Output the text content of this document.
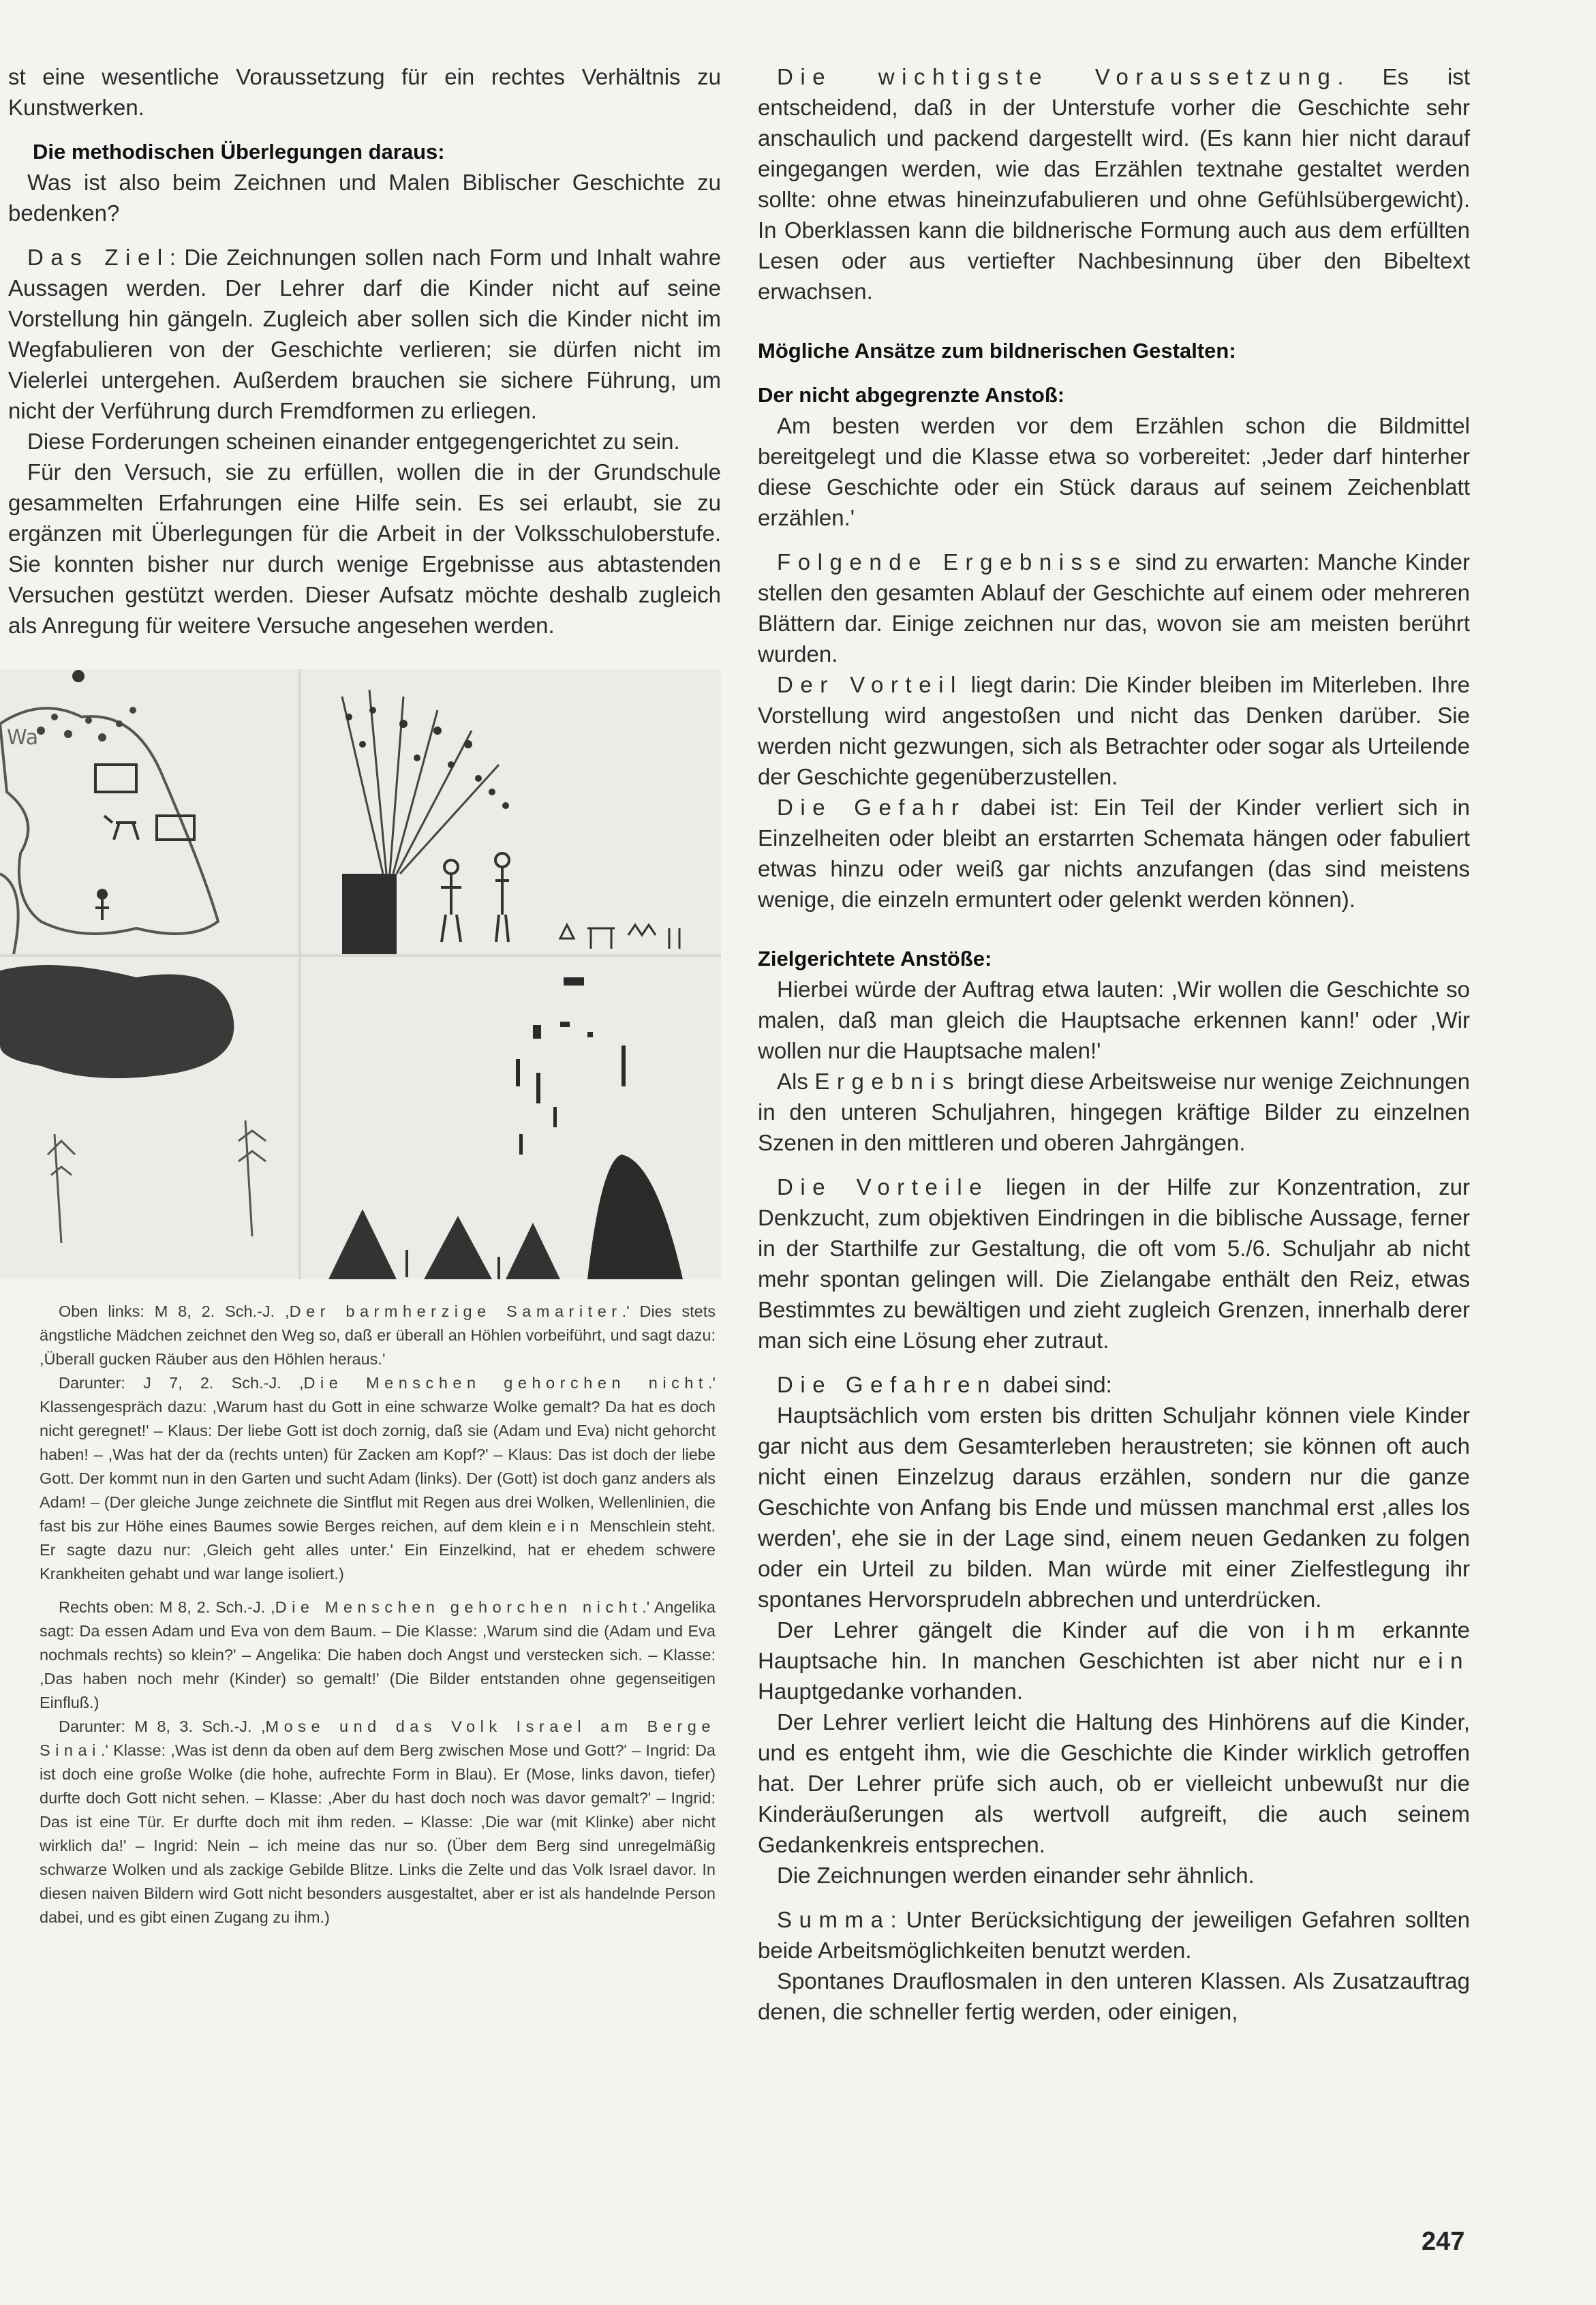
st eine wesentliche Voraussetzung für ein rechtes Verhältnis zu Kunstwerken.

Die methodischen Überlegungen daraus:

Was ist also beim Zeichnen und Malen Biblischer Geschichte zu bedenken?

Das Ziel: Die Zeichnungen sollen nach Form und Inhalt wahre Aussagen werden. Der Lehrer darf die Kinder nicht auf seine Vorstellung hin gängeln. Zugleich aber sollen sich die Kinder nicht im Wegfabulieren von der Geschichte verlieren; sie dürfen nicht im Vielerlei untergehen. Außerdem brauchen sie sichere Führung, um nicht der Verführung durch Fremdformen zu erliegen.

Diese Forderungen scheinen einander entgegengerichtet zu sein.

Für den Versuch, sie zu erfüllen, wollen die in der Grundschule gesammelten Erfahrungen eine Hilfe sein. Es sei erlaubt, sie zu ergänzen mit Überlegungen für die Arbeit in der Volksschuloberstufe. Sie konnten bisher nur durch wenige Ergebnisse aus abtastenden Versuchen gestützt werden. Dieser Aufsatz möchte deshalb zugleich als Anregung für weitere Versuche angesehen werden.

Wa

Oben links: M 8, 2. Sch.-J. ,Der barmherzige Samariter.' Dies stets ängstliche Mädchen zeichnet den Weg so, daß er überall an Höhlen vorbeiführt, und sagt dazu: ,Überall gucken Räuber aus den Höhlen heraus.'

Darunter: J 7, 2. Sch.-J. ,Die Menschen gehorchen nicht.' Klassengespräch dazu: ,Warum hast du Gott in eine schwarze Wolke gemalt? Da hat es doch nicht geregnet!' – Klaus: Der liebe Gott ist doch zornig, daß sie (Adam und Eva) nicht gehorcht haben! – ,Was hat der da (rechts unten) für Zacken am Kopf?' – Klaus: Das ist doch der liebe Gott. Der kommt nun in den Garten und sucht Adam (links). Der (Gott) ist doch ganz anders als Adam! – (Der gleiche Junge zeichnete die Sintflut mit Regen aus drei Wolken, Wellenlinien, die fast bis zur Höhe eines Baumes sowie Berges reichen, auf dem klein ein Menschlein steht. Er sagte dazu nur: ,Gleich geht alles unter.' Ein Einzelkind, hat er ehedem schwere Krankheiten gehabt und war lange isoliert.)

Rechts oben: M 8, 2. Sch.-J. ,Die Menschen gehorchen nicht.' Angelika sagt: Da essen Adam und Eva von dem Baum. – Die Klasse: ,Warum sind die (Adam und Eva nochmals rechts) so klein?' – Angelika: Die haben doch Angst und verstecken sich. – Klasse: ,Das haben noch mehr (Kinder) so gemalt!' (Die Bilder entstanden ohne gegenseitigen Einfluß.)

Darunter: M 8, 3. Sch.-J. ,Mose und das Volk Israel am Berge Sinai.' Klasse: ,Was ist denn da oben auf dem Berg zwischen Mose und Gott?' – Ingrid: Da ist doch eine große Wolke (die hohe, aufrechte Form in Blau). Er (Mose, links davon, tiefer) durfte doch Gott nicht sehen. – Klasse: ,Aber du hast doch noch was davor gemalt?' – Ingrid: Das ist eine Tür. Er durfte doch mit ihm reden. – Klasse: ,Die war (mit Klinke) aber nicht wirklich da!' – Ingrid: Nein – ich meine das nur so. (Über dem Berg sind unregelmäßig schwarze Wolken und als zackige Gebilde Blitze. Links die Zelte und das Volk Israel davor. In diesen naiven Bildern wird Gott nicht besonders ausgestaltet, aber er ist als handelnde Person dabei, und es gibt einen Zugang zu ihm.)

Die wichtigste Voraussetzung. Es ist entscheidend, daß in der Unterstufe vorher die Geschichte sehr anschaulich und packend dargestellt wird. (Es kann hier nicht darauf eingegangen werden, wie das Erzählen textnahe gestaltet werden sollte: ohne etwas hineinzufabulieren und ohne Gefühlsübergewicht). In Oberklassen kann die bildnerische Formung auch aus dem erfüllten Lesen oder aus vertiefter Nachbesinnung über den Bibeltext erwachsen.

Mögliche Ansätze zum bildnerischen Gestalten:
Der nicht abgegrenzte Anstoß:

Am besten werden vor dem Erzählen schon die Bildmittel bereitgelegt und die Klasse etwa so vorbereitet: ,Jeder darf hinterher diese Geschichte oder ein Stück daraus auf seinem Zeichenblatt erzählen.'

Folgende Ergebnisse sind zu erwarten: Manche Kinder stellen den gesamten Ablauf der Geschichte auf einem oder mehreren Blättern dar. Einige zeichnen nur das, wovon sie am meisten berührt wurden.

Der Vorteil liegt darin: Die Kinder bleiben im Miterleben. Ihre Vorstellung wird angestoßen und nicht das Denken darüber. Sie werden nicht gezwungen, sich als Betrachter oder sogar als Urteilende der Geschichte gegenüberzustellen.

Die Gefahr dabei ist: Ein Teil der Kinder verliert sich in Einzelheiten oder bleibt an erstarrten Schemata hängen oder fabuliert etwas hinzu oder weiß gar nichts anzufangen (das sind meistens wenige, die einzeln ermuntert oder gelenkt werden können).

Zielgerichtete Anstöße:

Hierbei würde der Auftrag etwa lauten: ,Wir wollen die Geschichte so malen, daß man gleich die Hauptsache erkennen kann!' oder ,Wir wollen nur die Hauptsache malen!'

Als Ergebnis bringt diese Arbeitsweise nur wenige Zeichnungen in den unteren Schuljahren, hingegen kräftige Bilder zu einzelnen Szenen in den mittleren und oberen Jahrgängen.

Die Vorteile liegen in der Hilfe zur Konzentration, zur Denkzucht, zum objektiven Eindringen in die biblische Aussage, ferner in der Starthilfe zur Gestaltung, die oft vom 5./6. Schuljahr ab nicht mehr spontan gelingen will. Die Zielangabe enthält den Reiz, etwas Bestimmtes zu bewältigen und zieht zugleich Grenzen, innerhalb derer man sich eine Lösung eher zutraut.

Die Gefahren dabei sind:

Hauptsächlich vom ersten bis dritten Schuljahr können viele Kinder gar nicht aus dem Gesamterleben heraustreten; sie können oft auch nicht einen Einzelzug daraus erzählen, sondern nur die ganze Geschichte von Anfang bis Ende und müssen manchmal erst ,alles los werden', ehe sie in der Lage sind, einem neuen Gedanken zu folgen oder ein Urteil zu bilden. Man würde mit einer Zielfestlegung ihr spontanes Hervorsprudeln abbrechen und unterdrücken.

Der Lehrer gängelt die Kinder auf die von ihm erkannte Hauptsache hin. In manchen Geschichten ist aber nicht nur ein Hauptgedanke vorhanden.

Der Lehrer verliert leicht die Haltung des Hinhörens auf die Kinder, und es entgeht ihm, wie die Geschichte die Kinder wirklich getroffen hat. Der Lehrer prüfe sich auch, ob er vielleicht unbewußt nur die Kinderäußerungen als wertvoll aufgreift, die auch seinem Gedankenkreis entsprechen.

Die Zeichnungen werden einander sehr ähnlich.

Summa: Unter Berücksichtigung der jeweiligen Gefahren sollten beide Arbeitsmöglichkeiten benutzt werden.

Spontanes Drauflosmalen in den unteren Klassen. Als Zusatzauftrag denen, die schneller fertig werden, oder einigen,

247
